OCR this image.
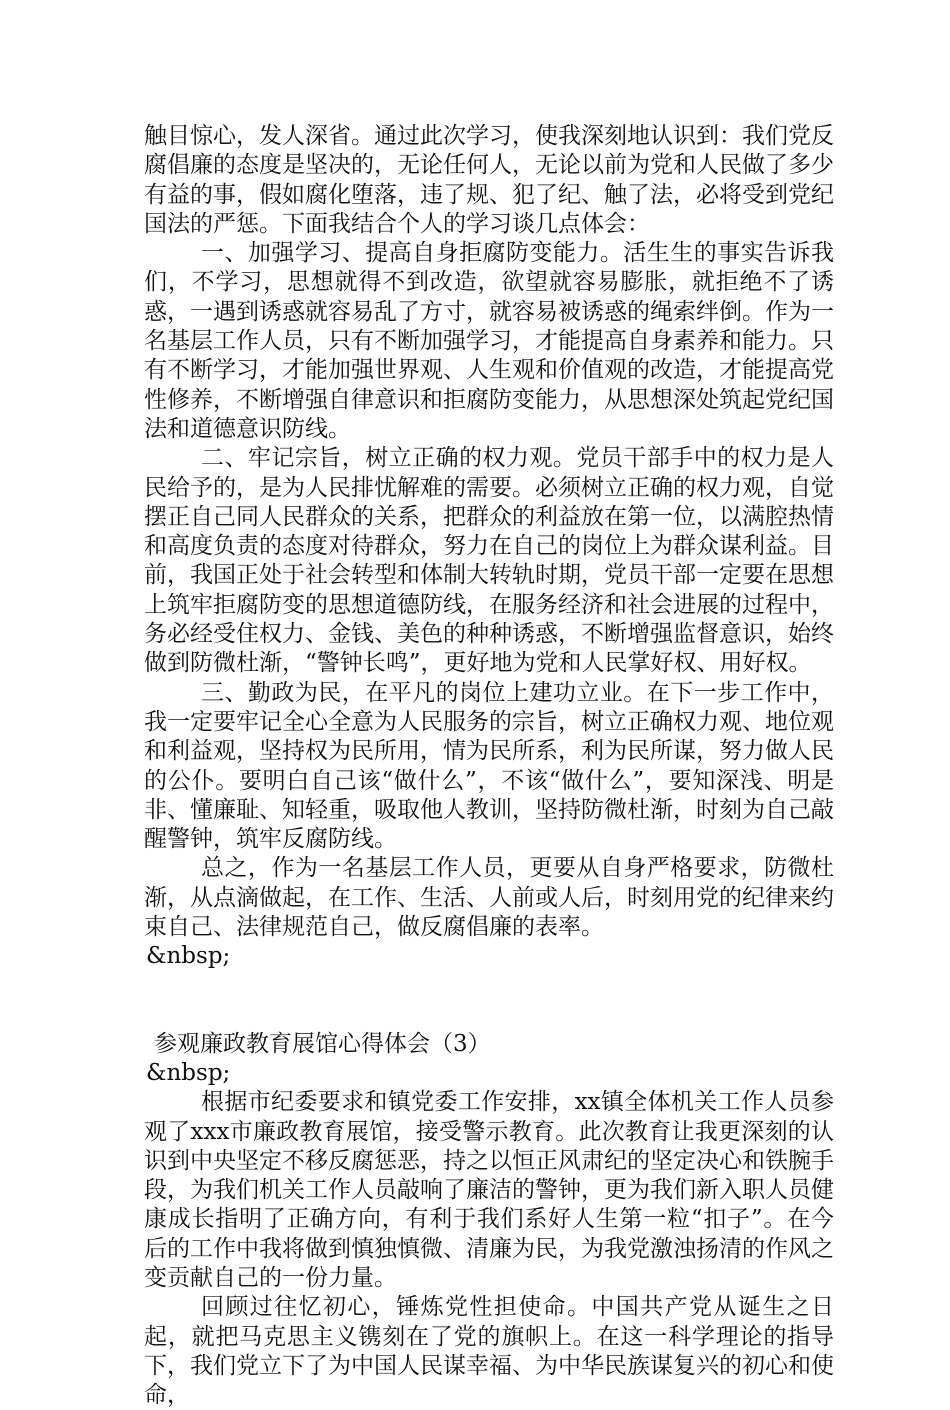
触目惊心，发人深省。通过此次学习，使我深刻地认识到：我们党反腐倡廉的态度是坚决的，无论任何人，无论以前为党和人民做了多少有益的事，假如腐化堕落，违了规、犯了纪、触了法，必将受到党纪国法的严惩。下面我结合个人的学习谈几点体会：

一、加强学习、提高自身拒腐防变能力。活生生的事实告诉我们，不学习，思想就得不到改造，欲望就容易膨胀，就拒绝不了诱惑，一遇到诱惑就容易乱了方寸，就容易被诱惑的绳索绊倒。作为一名基层工作人员，只有不断加强学习，才能提高自身素养和能力。只有不断学习，才能加强世界观、人生观和价值观的改造，才能提高党性修养，不断增强自律意识和拒腐防变能力，从思想深处筑起党纪国法和道德意识防线。

二、牢记宗旨，树立正确的权力观。党员干部手中的权力是人民给予的，是为人民排忧解难的需要。必须树立正确的权力观，自觉摆正自己同人民群众的关系，把群众的利益放在第一位，以满腔热情和高度负责的态度对待群众，努力在自己的岗位上为群众谋利益。目前，我国正处于社会转型和体制大转轨时期，党员干部一定要在思想上筑牢拒腐防变的思想道德防线，在服务经济和社会进展的过程中，务必经受住权力、金钱、美色的种种诱惑，不断增强监督意识，始终做到防微杜渐，“警钟长鸣”，更好地为党和人民掌好权、用好权。

三、勤政为民，在平凡的岗位上建功立业。在下一步工作中，我一定要牢记全心全意为人民服务的宗旨，树立正确权力观、地位观和利益观，坚持权为民所用，情为民所系，利为民所谋，努力做人民的公仆。要明白自己该“做什么”，不该“做什么”，要知深浅、明是非、懂廉耻、知轻重，吸取他人教训，坚持防微杜渐，时刻为自己敲醒警钟，筑牢反腐防线。

总之，作为一名基层工作人员，更要从自身严格要求，防微杜渐，从点滴做起，在工作、生活、人前或人后，时刻用党的纪律来约束自己、法律规范自己，做反腐倡廉的表率。

&nbsp;

参观廉政教育展馆心得体会（3）

&nbsp;

根据市纪委要求和镇党委工作安排，xx镇全体机关工作人员参观了xxx市廉政教育展馆，接受警示教育。此次教育让我更深刻的认识到中央坚定不移反腐惩恶，持之以恒正风肃纪的坚定决心和铁腕手段，为我们机关工作人员敲响了廉洁的警钟，更为我们新入职人员健康成长指明了正确方向，有利于我们系好人生第一粒“扣子”。在今后的工作中我将做到慎独慎微、清廉为民，为我党激浊扬清的作风之变贡献自己的一份力量。

回顾过往忆初心，锤炼党性担使命。中国共产党从诞生之日起，就把马克思主义镌刻在了党的旗帜上。在这一科学理论的指导下，我们党立下了为中国人民谋幸福、为中华民族谋复兴的初心和使命，
